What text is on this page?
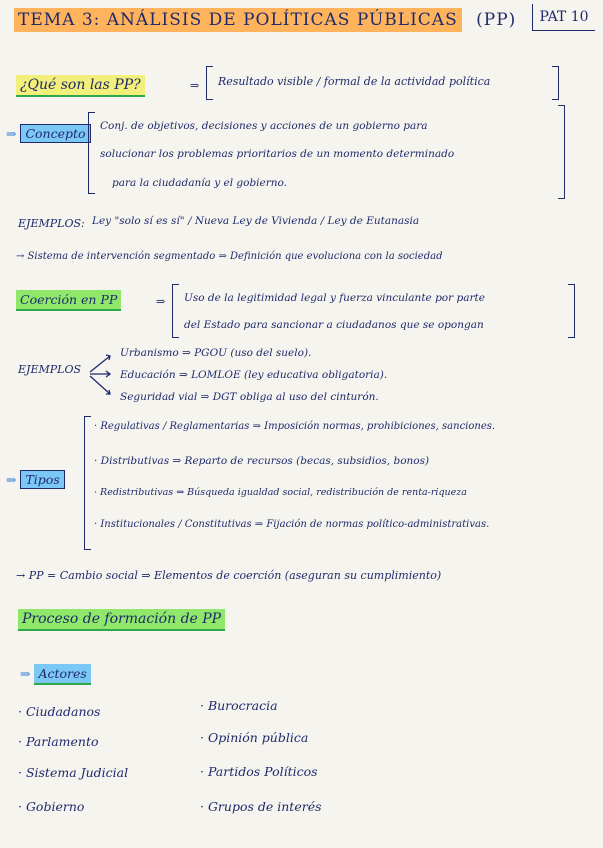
TEMA 3: ANÁLISIS DE POLÍTICAS PÚBLICAS (PP)	PAT 10
¿Qué son las PP?	⇒ Resultado visible / formal de la actividad política
⇒ Concepto	Conj. de objetivos, decisiones y acciones de un gobierno para
solucionar los problemas prioritarios de un momento determinado
para la ciudadanía y el gobierno.
EJEMPLOS: Ley "solo sí es sí" / Nueva Ley de Vivienda / Ley de Eutanasia
→ Sistema de intervención segmentado ⇒ Definición que evoluciona con la sociedad
Coerción en PP	⇒ Uso de la legitimidad legal y fuerza vinculante por parte
del Estado para sancionar a ciudadanos que se opongan
EJEMPLOS
Urbanismo ⇒ PGOU (uso del suelo).
Educación ⇒ LOMLOE (ley educativa obligatoria).
Seguridad vial ⇒ DGT obliga al uso del cinturón.
⇒ Tipos
· Regulativas / Reglamentarias ⇒ Imposición normas, prohibiciones, sanciones.
· Distributivas ⇒ Reparto de recursos (becas, subsidios, bonos)
· Redistributivas ⇒ Búsqueda igualdad social, redistribución de renta-riqueza
· Institucionales / Constitutivas ⇒ Fijación de normas político-administrativas.
→ PP = Cambio social ⇒ Elementos de coerción (aseguran su cumplimiento)
Proceso de formación de PP
⇒ Actores
· Ciudadanos
· Parlamento
· Sistema Judicial
· Gobierno
· Burocracia
· Opinión pública
· Partidos Políticos
· Grupos de interés
